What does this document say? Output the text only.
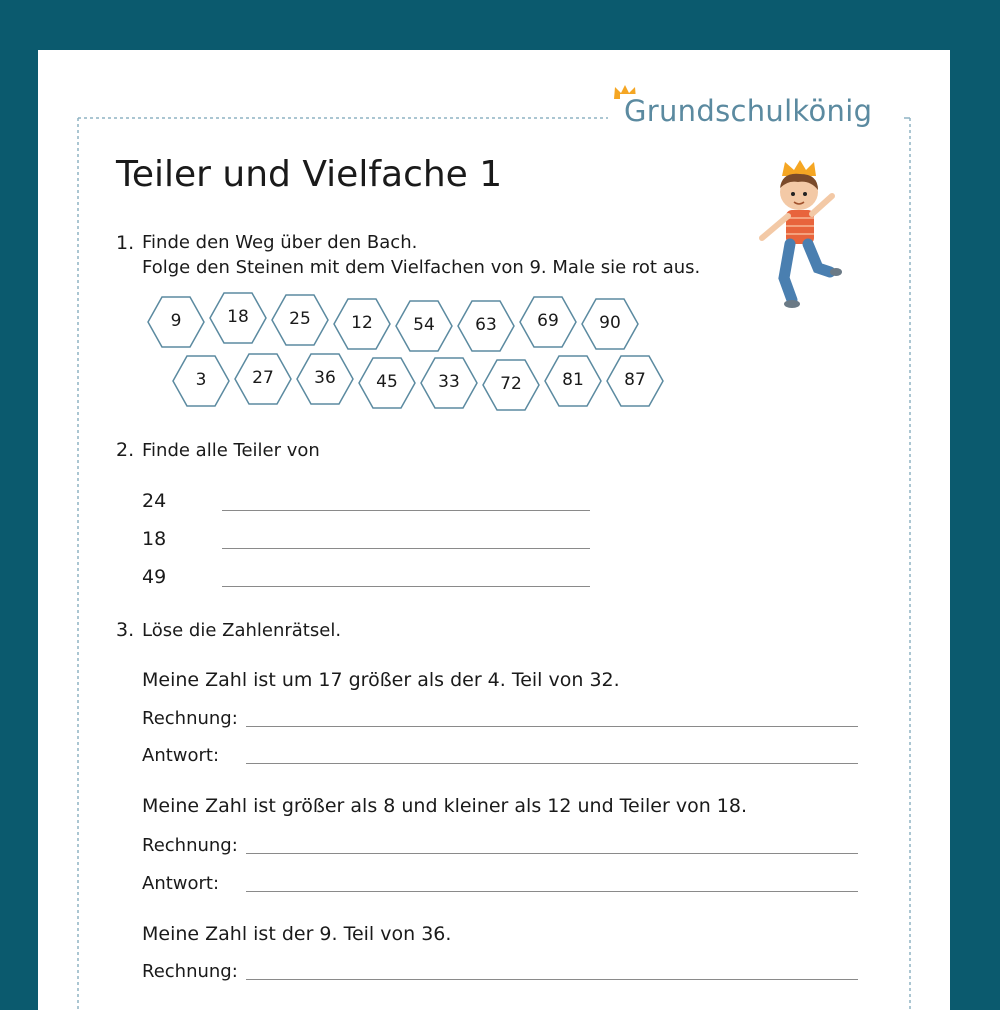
Grundschulkönig
Teiler und Vielfache 1
1. Finde den Weg über den Bach.
Folge den Steinen mit dem Vielfachen von 9. Male sie rot aus.
2. Finde alle Teiler von
24
18
49
3. Löse die Zahlenrätsel.
Meine Zahl ist um 17 größer als der 4. Teil von 32.
Rechnung:
Antwort:
Meine Zahl ist größer als 8 und kleiner als 12 und Teiler von 18.
Rechnung:
Antwort:
Meine Zahl ist der 9. Teil von 36.
Rechnung:
9	18	25	12	54	63	69	90
3	27	36	45	33	72	81	87
